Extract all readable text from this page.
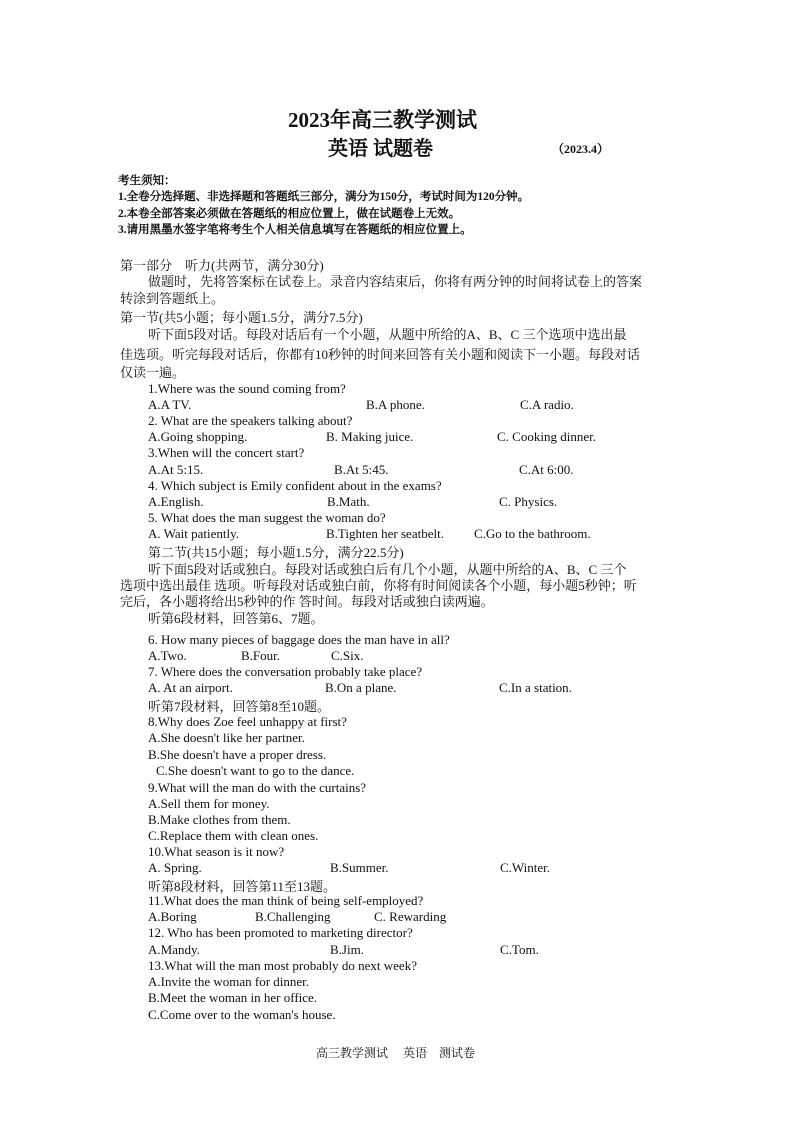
2023年高三教学测试
英语 试题卷	（2023.4）
考生须知：
1.全卷分选择题、非选择题和答题纸三部分，满分为150分，考试时间为120分钟。
2.本卷全部答案必须做在答题纸的相应位置上，做在试题卷上无效。
3.请用黑墨水签字笔将考生个人相关信息填写在答题纸的相应位置上。
第一部分　听力(共两节，满分30分)
做题时，先将答案标在试卷上。录音内容结束后，你将有两分钟的时间将试卷上的答案
转涂到答题纸上。
第一节(共5小题；每小题1.5分，满分7.5分)
听下面5段对话。每段对话后有一个小题，从题中所给的A、B、C 三个选项中选出最
佳选项。听完每段对话后，你都有10秒钟的时间来回答有关小题和阅读下一小题。每段对话
仅读一遍。
1.Where was the sound coming from?
A.A TV.	B.A phone.	C.A radio.
2. What are the speakers talking about?
A.Going shopping.	B. Making juice.	C. Cooking dinner.
3.When will the concert start?
A.At 5:15.	B.At 5:45.	C.At 6:00.
4. Which subject is Emily confident about in the exams?
A.English.	B.Math.	C. Physics.
5. What does the man suggest the woman do?
A. Wait patiently.	B.Tighten her seatbelt. C.Go to the bathroom.
第二节(共15小题；每小题1.5分，满分22.5分)
听下面5段对话或独白。每段对话或独白后有几个小题，从题中所给的A、B、C 三个
选项中选出最佳 选项。听每段对话或独白前，你将有时间阅读各个小题，每小题5秒钟；听
完后，各小题将给出5秒钟的作 答时间。每段对话或独白读两遍。
听第6段材料，回答第6、7题。
6. How many pieces of baggage does the man have in all?
A.Two.	B.Four.	C.Six.
7. Where does the conversation probably take place?
A. At an airport.	B.On a plane.	C.In a station.
听第7段材料，回答第8至10题。
8.Why does Zoe feel unhappy at first?
A.She doesn't like her partner.
B.She doesn't have a proper dress.
C.She doesn't want to go to the dance.
9.What will the man do with the curtains?
A.Sell them for money.
B.Make clothes from them.
C.Replace them with clean ones.
10.What season is it now?
A. Spring.	B.Summer.	C.Winter.
听第8段材料，回答第11至13题。
11.What does the man think of being self-employed?
A.Boring	B.Challenging	C. Rewarding
12. Who has been promoted to marketing director?
A.Mandy.	B.Jim.	C.Tom.
13.What will the man most probably do next week?
A.Invite the woman for dinner.
B.Meet the woman in her office.
C.Come over to the woman's house.
高三教学测试　 英语　测试卷
